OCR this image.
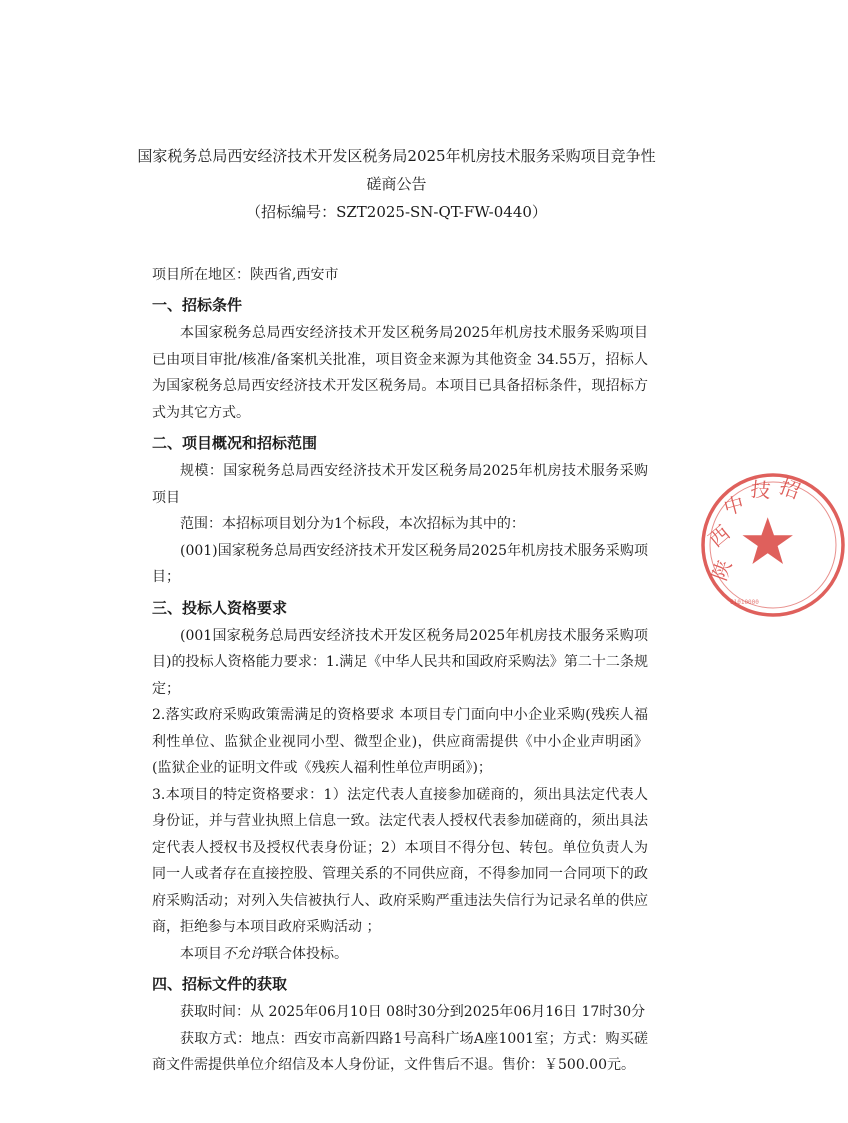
国家税务总局西安经济技术开发区税务局2025年机房技术服务采购项目竞争性
磋商公告
（招标编号：SZT2025-SN-QT-FW-0440）
项目所在地区：陕西省,西安市
一、招标条件

本国家税务总局西安经济技术开发区税务局2025年机房技术服务采购项目已由项目审批/核准/备案机关批准，项目资金来源为其他资金 34.55万，招标人为国家税务总局西安经济技术开发区税务局。本项目已具备招标条件，现招标方式为其它方式。

二、项目概况和招标范围

规模：国家税务总局西安经济技术开发区税务局2025年机房技术服务采购项目

范围：本招标项目划分为1个标段，本次招标为其中的：

(001)国家税务总局西安经济技术开发区税务局2025年机房技术服务采购项目；

三、投标人资格要求

(001国家税务总局西安经济技术开发区税务局2025年机房技术服务采购项目)的投标人资格能力要求：1.满足《中华人民共和国政府采购法》第二十二条规定；

2.落实政府采购政策需满足的资格要求 本项目专门面向中小企业采购(残疾人福利性单位、监狱企业视同小型、微型企业)，供应商需提供《中小企业声明函》(监狱企业的证明文件或《残疾人福利性单位声明函》)；

3.本项目的特定资格要求：1）法定代表人直接参加磋商的，须出具法定代表人身份证，并与营业执照上信息一致。法定代表人授权代表参加磋商的，须出具法定代表人授权书及授权代表身份证；2）本项目不得分包、转包。单位负责人为同一人或者存在直接控股、管理关系的不同供应商，不得参加同一合同项下的政府采购活动；对列入失信被执行人、政府采购严重违法失信行为记录名单的供应商，拒绝参与本项目政府采购活动 ；

本项目不允许联合体投标。

四、招标文件的获取

获取时间：从 2025年06月10日 08时30分到2025年06月16日 17时30分

获取方式：地点：西安市高新四路1号高科广场A座1001室；方式：购买磋商文件需提供单位介绍信及本人身份证，文件售后不退。售价：￥500.00元。

陕
西
中
技 招
61010000
